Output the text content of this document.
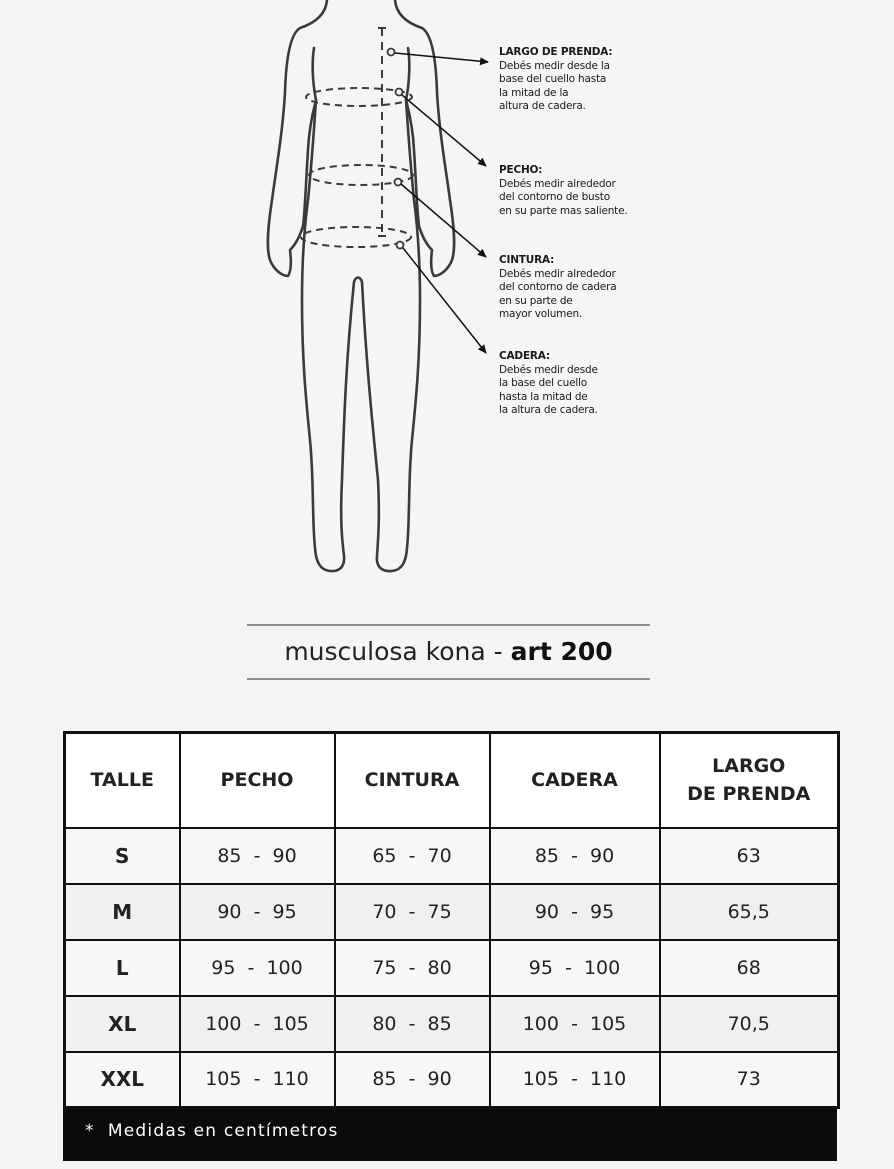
LARGO DE PRENDA:
Debés medir desde la
base del cuello hasta
la mitad de la
altura de cadera.
PECHO:
Debés medir alrededor
del contorno de busto
en su parte mas saliente.
CINTURA:
Debés medir alrededor
del contorno de cadera
en su parte de
mayor volumen.
CADERA:
Debés medir desde
la base del cuello
hasta la mitad de
la altura de cadera.
musculosa kona - art 200
TALLE	PECHO	CINTURA	CADERA	LARGO
DE PRENDA
S	85  -  90	65  -  70	85  -  90	63
M	90  -  95	70  -  75	90  -  95	65,5
L	95  -  100	75  -  80	95  -  100	68
XL	100  -  105	80  -  85	100  -  105	70,5
XXL	105  -  110	85  -  90	105  -  110	73
*  Medidas en centímetros
